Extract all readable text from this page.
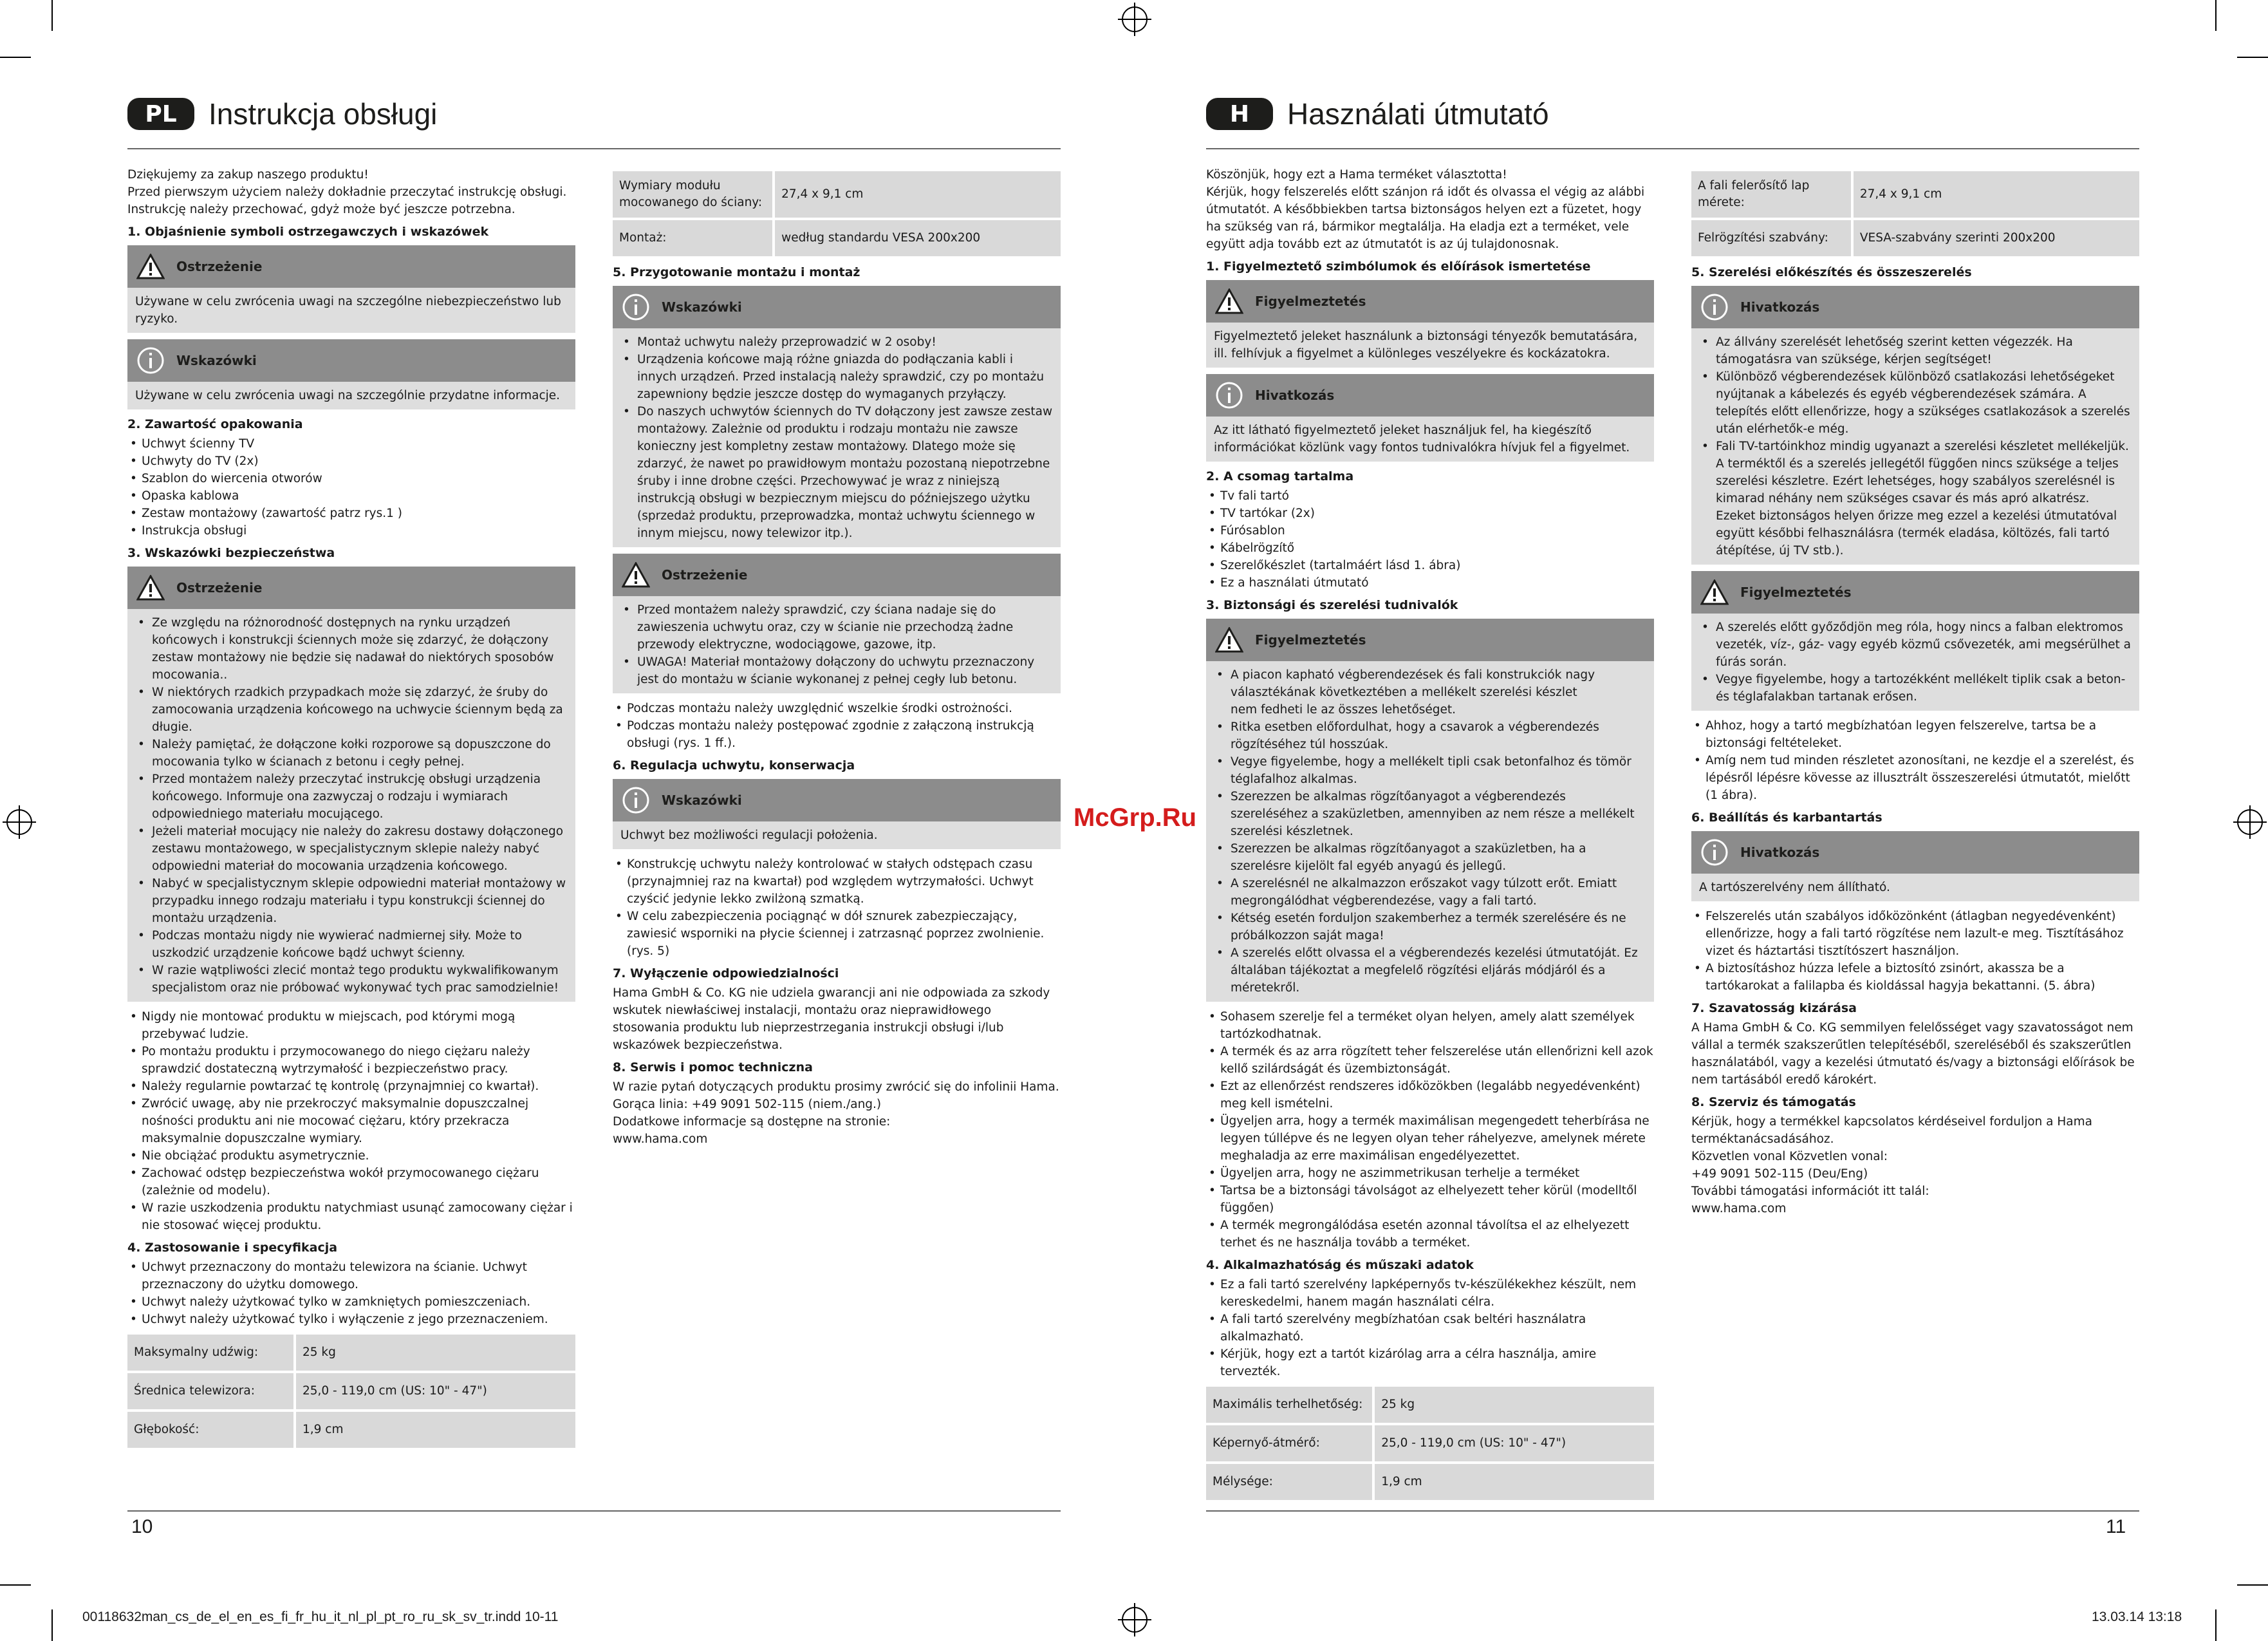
PL	Instrukcja obsługi
Dziękujemy za zakup naszego produktu!
Przed pierwszym użyciem należy dokładnie przeczytać instrukcję obsługi. Instrukcję należy przechować, gdyż może być jeszcze potrzebna.
1. Objaśnienie symboli ostrzegawczych i wskazówek
Ostrzeżenie
Używane w celu zwrócenia uwagi na szczególne niebezpieczeństwo lub ryzyko.
Wskazówki
Używane w celu zwrócenia uwagi na szczególnie przydatne informacje.
2. Zawartość opakowania
• Uchwyt ścienny TV
• Uchwyty do TV (2x)
• Szablon do wiercenia otworów
• Opaska kablowa
• Zestaw montażowy (zawartość patrz rys.1 )
• Instrukcja obsługi
3. Wskazówki bezpieczeństwa
Ostrzeżenie
• Ze względu na różnorodność dostępnych na rynku urządzeń końcowych i konstrukcji ściennych może się zdarzyć, że dołączony zestaw montażowy nie będzie się nadawał do niektórych sposobów mocowania..
• W niektórych rzadkich przypadkach może się zdarzyć, że śruby do zamocowania urządzenia końcowego na uchwycie ściennym będą za długie.
• Należy pamiętać, że dołączone kołki rozporowe są dopuszczone do mocowania tylko w ścianach z betonu i cegły pełnej.
• Przed montażem należy przeczytać instrukcję obsługi urządzenia końcowego. Informuje ona zazwyczaj o rodzaju i wymiarach odpowiedniego materiału mocującego.
• Jeżeli materiał mocujący nie należy do zakresu dostawy dołączonego zestawu montażowego, w specjalistycznym sklepie należy nabyć odpowiedni materiał do mocowania urządzenia końcowego.
• Nabyć w specjalistycznym sklepie odpowiedni materiał montażowy w przypadku innego rodzaju materiału i typu konstrukcji ściennej do montażu urządzenia.
• Podczas montażu nigdy nie wywierać nadmiernej siły. Może to uszkodzić urządzenie końcowe bądź uchwyt ścienny.
• W razie wątpliwości zlecić montaż tego produktu wykwalifikowanym specjalistom oraz nie próbować wykonywać tych prac samodzielnie!
• Nigdy nie montować produktu w miejscach, pod którymi mogą przebywać ludzie.
• Po montażu produktu i przymocowanego do niego ciężaru należy sprawdzić dostateczną wytrzymałość i bezpieczeństwo pracy.
• Należy regularnie powtarzać tę kontrolę (przynajmniej co kwartał).
• Zwrócić uwagę, aby nie przekroczyć maksymalnie dopuszczalnej nośności produktu ani nie mocować ciężaru, który przekracza maksymalnie dopuszczalne wymiary.
• Nie obciążać produktu asymetrycznie.
• Zachować odstęp bezpieczeństwa wokół przymocowanego ciężaru (zależnie od modelu).
• W razie uszkodzenia produktu natychmiast usunąć zamocowany ciężar i nie stosować więcej produktu.
4. Zastosowanie i specyfikacja
• Uchwyt przeznaczony do montażu telewizora na ścianie. Uchwyt przeznaczony do użytku domowego.
• Uchwyt należy użytkować tylko w zamkniętych pomieszczeniach.
• Uchwyt należy użytkować tylko i wyłączenie z jego przeznaczeniem.
Maksymalny udźwig:	25 kg
Średnica telewizora:	25,0 - 119,0 cm (US: 10" - 47")
Głębokość:	1,9 cm
Wymiary modułu mocowanego do ściany:	27,4 x 9,1 cm
Montaż:	według standardu VESA 200x200
5. Przygotowanie montażu i montaż
Wskazówki
• Montaż uchwytu należy przeprowadzić w 2 osoby!
• Urządzenia końcowe mają różne gniazda do podłączania kabli i innych urządzeń. Przed instalacją należy sprawdzić, czy po montażu zapewniony będzie jeszcze dostęp do wymaganych przyłączy.
• Do naszych uchwytów ściennych do TV dołączony jest zawsze zestaw montażowy. Zależnie od produktu i rodzaju montażu nie zawsze konieczny jest kompletny zestaw montażowy. Dlatego może się zdarzyć, że nawet po prawidłowym montażu pozostaną niepotrzebne śruby i inne drobne części. Przechowywać je wraz z niniejszą instrukcją obsługi w bezpiecznym miejscu do późniejszego użytku (sprzedaż produktu, przeprowadzka, montaż uchwytu ściennego w innym miejscu, nowy telewizor itp.).
Ostrzeżenie
• Przed montażem należy sprawdzić, czy ściana nadaje się do zawieszenia uchwytu oraz, czy w ścianie nie przechodzą żadne przewody elektryczne, wodociągowe, gazowe, itp.
• UWAGA! Materiał montażowy dołączony do uchwytu przeznaczony jest do montażu w ścianie wykonanej z pełnej cegły lub betonu.
• Podczas montażu należy uwzględnić wszelkie środki ostrożności.
• Podczas montażu należy postępować zgodnie z załączoną instrukcją obsługi (rys. 1 ff.).
6. Regulacja uchwytu, konserwacja
Wskazówki
Uchwyt bez możliwości regulacji położenia.
• Konstrukcję uchwytu należy kontrolować w stałych odstępach czasu (przynajmniej raz na kwartał) pod względem wytrzymałości. Uchwyt czyścić jedynie lekko zwilżoną szmatką.
• W celu zabezpieczenia pociągnąć w dół sznurek zabezpieczający, zawiesić wsporniki na płycie ściennej i zatrzasnąć poprzez zwolnienie. (rys. 5)
7. Wyłączenie odpowiedzialności
Hama GmbH & Co. KG nie udziela gwarancji ani nie odpowiada za szkody wskutek niewłaściwej instalacji, montażu oraz nieprawidłowego stosowania produktu lub nieprzestrzegania instrukcji obsługi i/lub wskazówek bezpieczeństwa.
8. Serwis i pomoc techniczna
W razie pytań dotyczących produktu prosimy zwrócić się do infolinii Hama.
Gorąca linia: +49 9091 502-115 (niem./ang.)
Dodatkowe informacje są dostępne na stronie:
www.hama.com
10
McGrp.Ru
H	Használati útmutató
Köszönjük, hogy ezt a Hama terméket választotta!
Kérjük, hogy felszerelés előtt szánjon rá időt és olvassa el végig az alábbi útmutatót. A későbbiekben tartsa biztonságos helyen ezt a füzetet, hogy ha szükség van rá, bármikor megtalálja. Ha eladja ezt a terméket, vele együtt adja tovább ezt az útmutatót is az új tulajdonosnak.
1. Figyelmeztető szimbólumok és előírások ismertetése
Figyelmeztetés
Figyelmeztető jeleket használunk a biztonsági tényezők bemutatására, ill. felhívjuk a figyelmet a különleges veszélyekre és kockázatokra.
Hivatkozás
Az itt látható figyelmeztető jeleket használjuk fel, ha kiegészítő információkat közlünk vagy fontos tudnivalókra hívjuk fel a figyelmet.
2. A csomag tartalma
• Tv fali tartó
• TV tartókar (2x)
• Fúrósablon
• Kábelrögzítő
• Szerelőkészlet (tartalmáért lásd 1. ábra)
• Ez a használati útmutató
3. Biztonsági és szerelési tudnivalók
Figyelmeztetés
• A piacon kapható végberendezések és fali konstrukciók nagy választékának következtében a mellékelt szerelési készlet
nem fedheti le az összes lehetőséget.
• Ritka esetben előfordulhat, hogy a csavarok a végberendezés rögzítéséhez túl hosszúak.
• Vegye figyelembe, hogy a mellékelt tipli csak betonfalhoz és tömör téglafalhoz alkalmas.
• Szerezzen be alkalmas rögzítőanyagot a végberendezés szereléséhez a szaküzletben, amennyiben az nem része a mellékelt szerelési készletnek.
• Szerezzen be alkalmas rögzítőanyagot a szaküzletben, ha a szerelésre kijelölt fal egyéb anyagú és jellegű.
• A szerelésnél ne alkalmazzon erőszakot vagy túlzott erőt. Emiatt megrongálódhat végberendezése, vagy a fali tartó.
• Kétség esetén forduljon szakemberhez a termék szerelésére és ne próbálkozzon saját maga!
• A szerelés előtt olvassa el a végberendezés kezelési útmutatóját. Ez általában tájékoztat a megfelelő rögzítési eljárás módjáról és a méretekről.
• Sohasem szerelje fel a terméket olyan helyen, amely alatt személyek tartózkodhatnak.
• A termék és az arra rögzített teher felszerelése után ellenőrizni kell azok kellő szilárdságát és üzembiztonságát.
• Ezt az ellenőrzést rendszeres időközökben (legalább negyedévenként) meg kell ismételni.
• Ügyeljen arra, hogy a termék maximálisan megengedett teherbírása ne legyen túllépve és ne legyen olyan teher ráhelyezve, amelynek mérete meghaladja az erre maximálisan engedélyezettet.
• Ügyeljen arra, hogy ne aszimmetrikusan terhelje a terméket
• Tartsa be a biztonsági távolságot az elhelyezett teher körül (modelltől függően)
• A termék megrongálódása esetén azonnal távolítsa el az elhelyezett terhet és ne használja tovább a terméket.
4. Alkalmazhatóság és műszaki adatok
• Ez a fali tartó szerelvény lapképernyős tv-készülékekhez készült, nem kereskedelmi, hanem magán használati célra.
• A fali tartó szerelvény megbízhatóan csak beltéri használatra alkalmazható.
• Kérjük, hogy ezt a tartót kizárólag arra a célra használja, amire tervezték.
Maximális terhelhetőség:	25 kg
Képernyő-átmérő:	25,0 - 119,0 cm (US: 10" - 47")
Mélysége:	1,9 cm
A fali felerősítő lap mérete:	27,4 x 9,1 cm
Felrögzítési szabvány:	VESA-szabvány szerinti 200x200
5. Szerelési előkészítés és összeszerelés
Hivatkozás
• Az állvány szerelését lehetőség szerint ketten végezzék. Ha támogatásra van szüksége, kérjen segítséget!
• Különböző végberendezések különböző csatlakozási lehetőségeket nyújtanak a kábelezés és egyéb végberendezések számára. A telepítés előtt ellenőrizze, hogy a szükséges csatlakozások a szerelés után elérhetők-e még.
• Fali TV-tartóinkhoz mindig ugyanazt a szerelési készletet mellékeljük. A terméktől és a szerelés jellegétől függően nincs szüksége a teljes szerelési készletre. Ezért lehetséges, hogy szabályos szerelésnél is kimarad néhány nem szükséges csavar és más apró alkatrész. Ezeket biztonságos helyen őrizze meg ezzel a kezelési útmutatóval együtt későbbi felhasználásra (termék eladása, költözés, fali tartó átépítése, új TV stb.).
Figyelmeztetés
• A szerelés előtt győződjön meg róla, hogy nincs a falban elektromos vezeték, víz-, gáz- vagy egyéb közmű csővezeték, ami megsérülhet a fúrás során.
• Vegye figyelembe, hogy a tartozékként mellékelt tiplik csak a beton- és téglafalakban tartanak erősen.
• Ahhoz, hogy a tartó megbízhatóan legyen felszerelve, tartsa be a biztonsági feltételeket.
• Amíg nem tud minden részletet azonosítani, ne kezdje el a szerelést, és lépésről lépésre kövesse az illusztrált összeszerelési útmutatót, mielőtt
(1 ábra).
6. Beállítás és karbantartás
Hivatkozás
A tartószerelvény nem állítható.
• Felszerelés után szabályos időközönként (átlagban negyedévenként) ellenőrizze, hogy a fali tartó rögzítése nem lazult-e meg. Tisztításához vizet és háztartási tisztítószert használjon.
• A biztosításhoz húzza lefele a biztosító zsinórt, akassza be a tartókarokat a falilapba és kioldással hagyja bekattanni. (5. ábra)
7. Szavatosság kizárása
A Hama GmbH & Co. KG semmilyen felelősséget vagy szavatosságot nem vállal a termék szakszerűtlen telepítéséből, szereléséből és szakszerűtlen használatából, vagy a kezelési útmutató és/vagy a biztonsági előírások be nem tartásából eredő károkért.
8. Szerviz és támogatás
Kérjük, hogy a termékkel kapcsolatos kérdéseivel forduljon a Hama terméktanácsadásához.
Közvetlen vonal Közvetlen vonal:
+49 9091 502-115 (Deu/Eng)
További támogatási információt itt talál:
www.hama.com
11
00118632man_cs_de_el_en_es_fi_fr_hu_it_nl_pl_pt_ro_ru_sk_sv_tr.indd 10-11	13.03.14 13:18
